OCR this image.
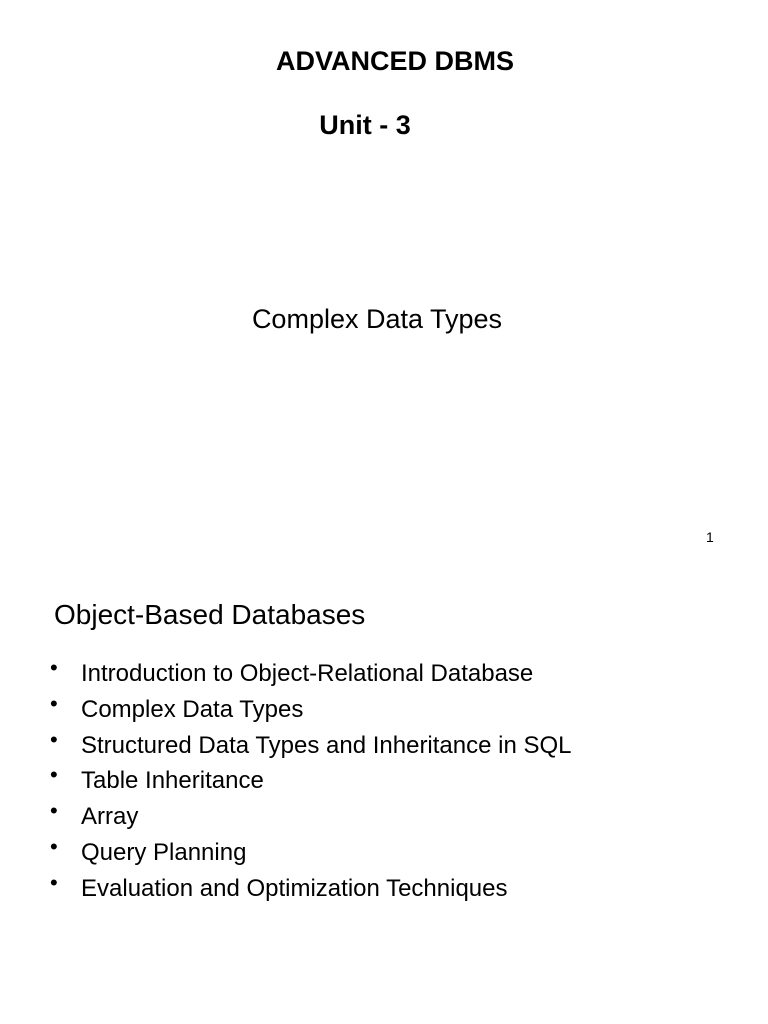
ADVANCED DBMS
Unit - 3
Complex Data Types
1
Object-Based Databases
• Introduction to Object-Relational Database
• Complex Data Types
• Structured Data Types and Inheritance in SQL
• Table Inheritance
• Array
• Query Planning
• Evaluation and Optimization Techniques
